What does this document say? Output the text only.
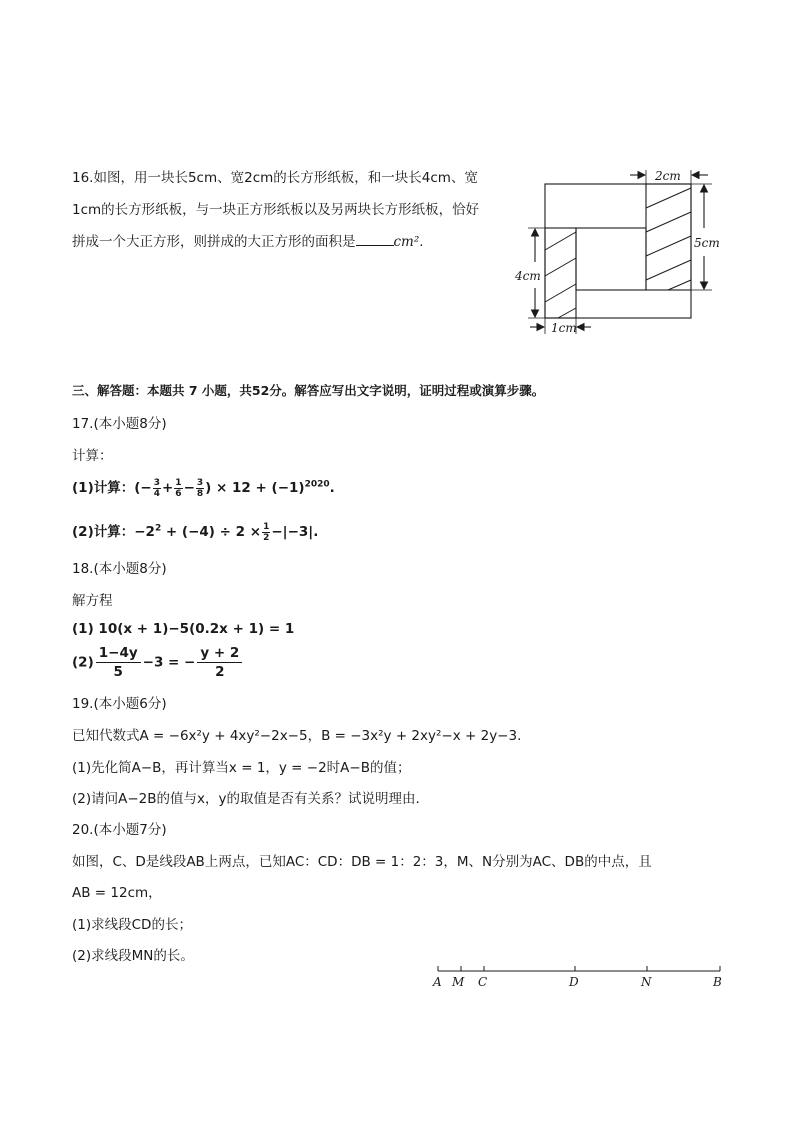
16.如图，用一块长5cm、宽2cm的长方形纸板，和一块长4cm、宽
1cm的长方形纸板，与一块正方形纸板以及另两块长方形纸板，恰好
拼成一个大正方形，则拼成的大正方形的面积是	cm².
2cm
5cm
4cm
1cm
三、解答题：本题共 7 小题，共52分。解答应写出文字说明，证明过程或演算步骤。
17.(本小题8分)
计算：
(1)计算：(− $\frac{3}{4} + \frac{1}{6} - \frac{3}{8}$ ) × $12 + (-1)^{2020}$.
(2)计算：$-2^2 + (-4) \div 2 \times \frac{1}{2} -|-3|$.
18.(本小题8分)
解方程
(1) 10(x + 1)−5(0.2x + 1) = 1
$(2) \frac{1-4y}{5} -3$ = − $\frac{y + 2}{2}$
19.(本小题6分)
已知代数式A = −6x²y + 4xy²−2x−5，B = −3x²y + 2xy²−x + 2y−3.
(1)先化简A−B，再计算当x = 1，y = −2时A−B的值；
(2)请问A−2B的值与x，y的取值是否有关系？试说明理由.
20.(本小题7分)
如图，C、D是线段AB上两点，已知AC：CD：DB = 1：2：3，M、N分别为AC、DB的中点，且
AB = 12cm，
(1)求线段CD的长；
(2)求线段MN的长。
A M C	D	N	B
